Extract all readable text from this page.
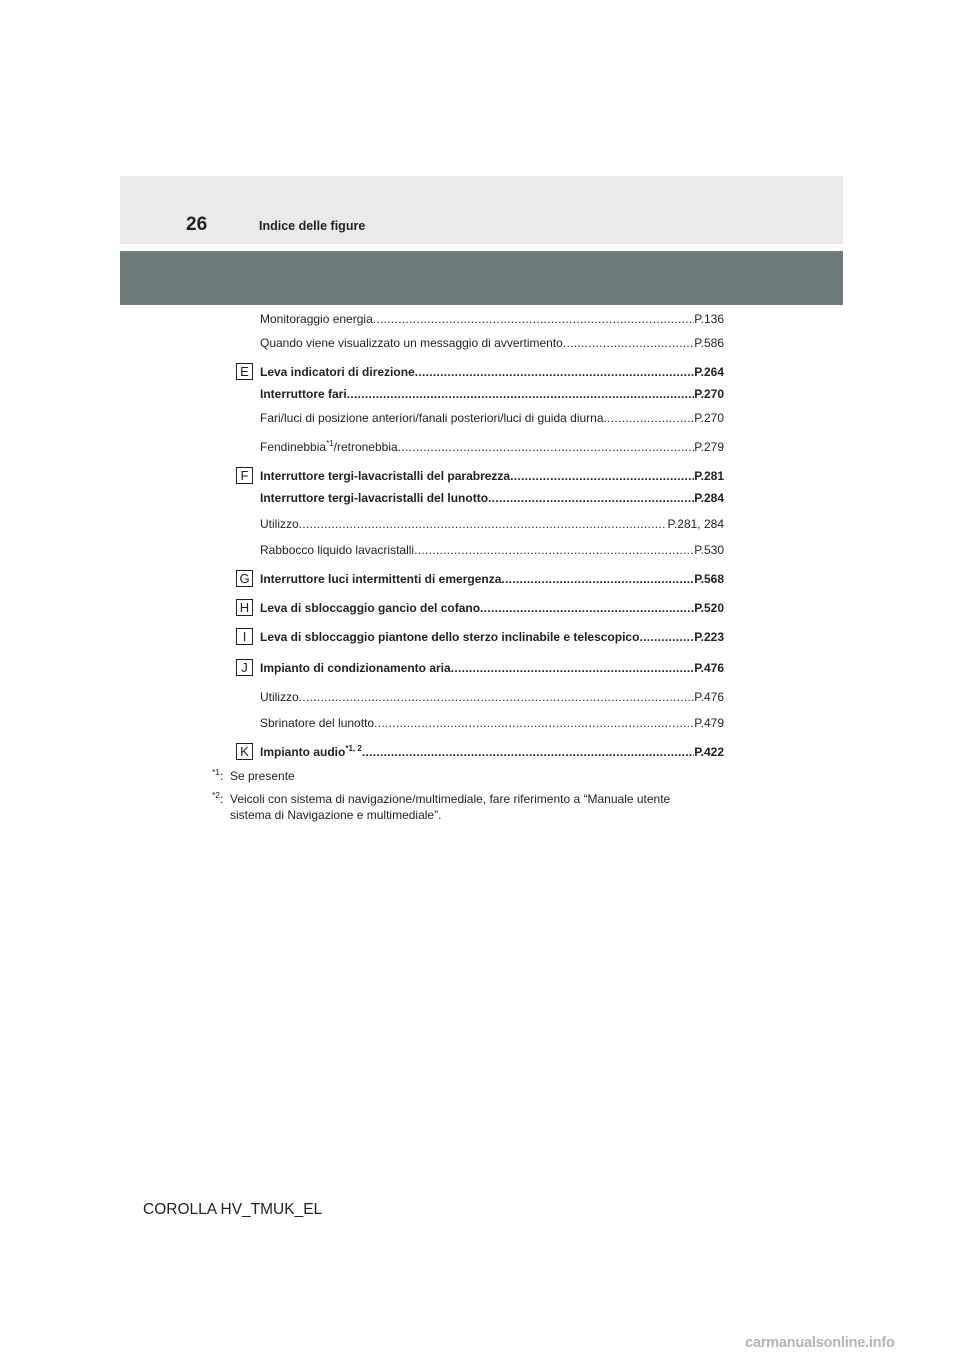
26	Indice delle figure
Monitoraggio energia .....	P.136
Quando viene visualizzato un messaggio di avvertimento .....	P.586
E Leva indicatori di direzione .....	P.264
Interruttore fari .....	P.270
Fari/luci di posizione anteriori/fanali posteriori/luci di guida diurna .....	P.270
Fendinebbia$^{*1}$/retronebbia .....	P.279
F Interruttore tergi-lavacristalli del parabrezza .....	P.281
Interruttore tergi-lavacristalli del lunotto .....	P.284
Utilizzo .....	P.281, 284
Rabbocco liquido lavacristalli .....	P.530
G Interruttore luci intermittenti di emergenza .....	P.568
H Leva di sbloccaggio gancio del cofano .....	P.520
I	Leva di sbloccaggio piantone dello sterzo inclinabile e telescopico .....	P.223
J	Impianto di condizionamento aria .....	P.476
Utilizzo .....	P.476
Sbrinatore del lunotto .....	P.479
K Impianto audio$^{*1, 2}$ .....	P.422
$^{*1}$: Se presente
$^{*2}$: Veicoli con sistema di navigazione/multimediale, fare riferimento a “Manuale utente sistema di Navigazione e multimediale”.
COROLLA HV_TMUK_EL
carmanualsonline.info
